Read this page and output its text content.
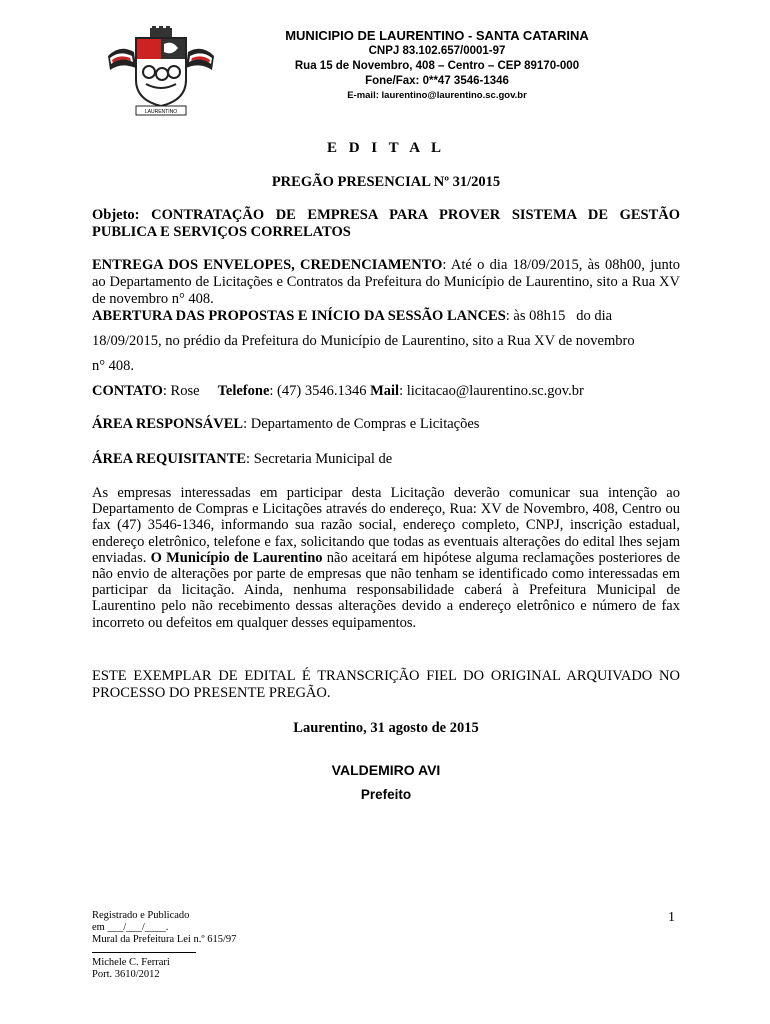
LAURENTINO
MUNICIPIO DE LAURENTINO - SANTA CATARINA
CNPJ 83.102.657/0001-97
Rua 15 de Novembro, 408 – Centro – CEP 89170-000
Fone/Fax: 0**47 3546-1346
E-mail: laurentino@laurentino.sc.gov.br
E D I T A L
PREGÃO PRESENCIAL Nº 31/2015
Objeto: CONTRATAÇÃO DE EMPRESA PARA PROVER SISTEMA DE GESTÃO PUBLICA E SERVIÇOS CORRELATOS
ENTREGA DOS ENVELOPES, CREDENCIAMENTO: Até o dia 18/09/2015, às 08h00, junto ao Departamento de Licitações e Contratos da Prefeitura do Município de Laurentino, sito a Rua XV de novembro n° 408.
ABERTURA DAS PROPOSTAS E INÍCIO DA SESSÃO LANCES: às 08h15   do dia
18/09/2015, no prédio da Prefeitura do Município de Laurentino, sito a Rua XV de novembro
n° 408.
CONTATO: Rose Telefone: (47) 3546.1346 Mail: licitacao@laurentino.sc.gov.br
ÁREA RESPONSÁVEL: Departamento de Compras e Licitações
ÁREA REQUISITANTE: Secretaria Municipal de
As empresas interessadas em participar desta Licitação deverão comunicar sua intenção ao Departamento de Compras e Licitações através do endereço, Rua: XV de Novembro, 408, Centro ou fax (47) 3546-1346, informando sua razão social, endereço completo, CNPJ, inscrição estadual, endereço eletrônico, telefone e fax, solicitando que todas as eventuais alterações do edital lhes sejam enviadas. O Município de Laurentino não aceitará em hipótese alguma reclamações posteriores de não envio de alterações por parte de empresas que não tenham se identificado como interessadas em participar da licitação. Ainda, nenhuma responsabilidade caberá à Prefeitura Municipal de Laurentino pelo não recebimento dessas alterações devido a endereço eletrônico e número de fax incorreto ou defeitos em qualquer desses equipamentos.
ESTE EXEMPLAR DE EDITAL É TRANSCRIÇÃO FIEL DO ORIGINAL ARQUIVADO NO PROCESSO DO PRESENTE PREGÃO.
Laurentino, 31 agosto de 2015
VALDEMIRO AVI
Prefeito
Registrado e Publicado
em ___/___/____.
Mural da Prefeitura Lei n.º 615/97
Michele C. Ferrari
Port. 3610/2012
1
